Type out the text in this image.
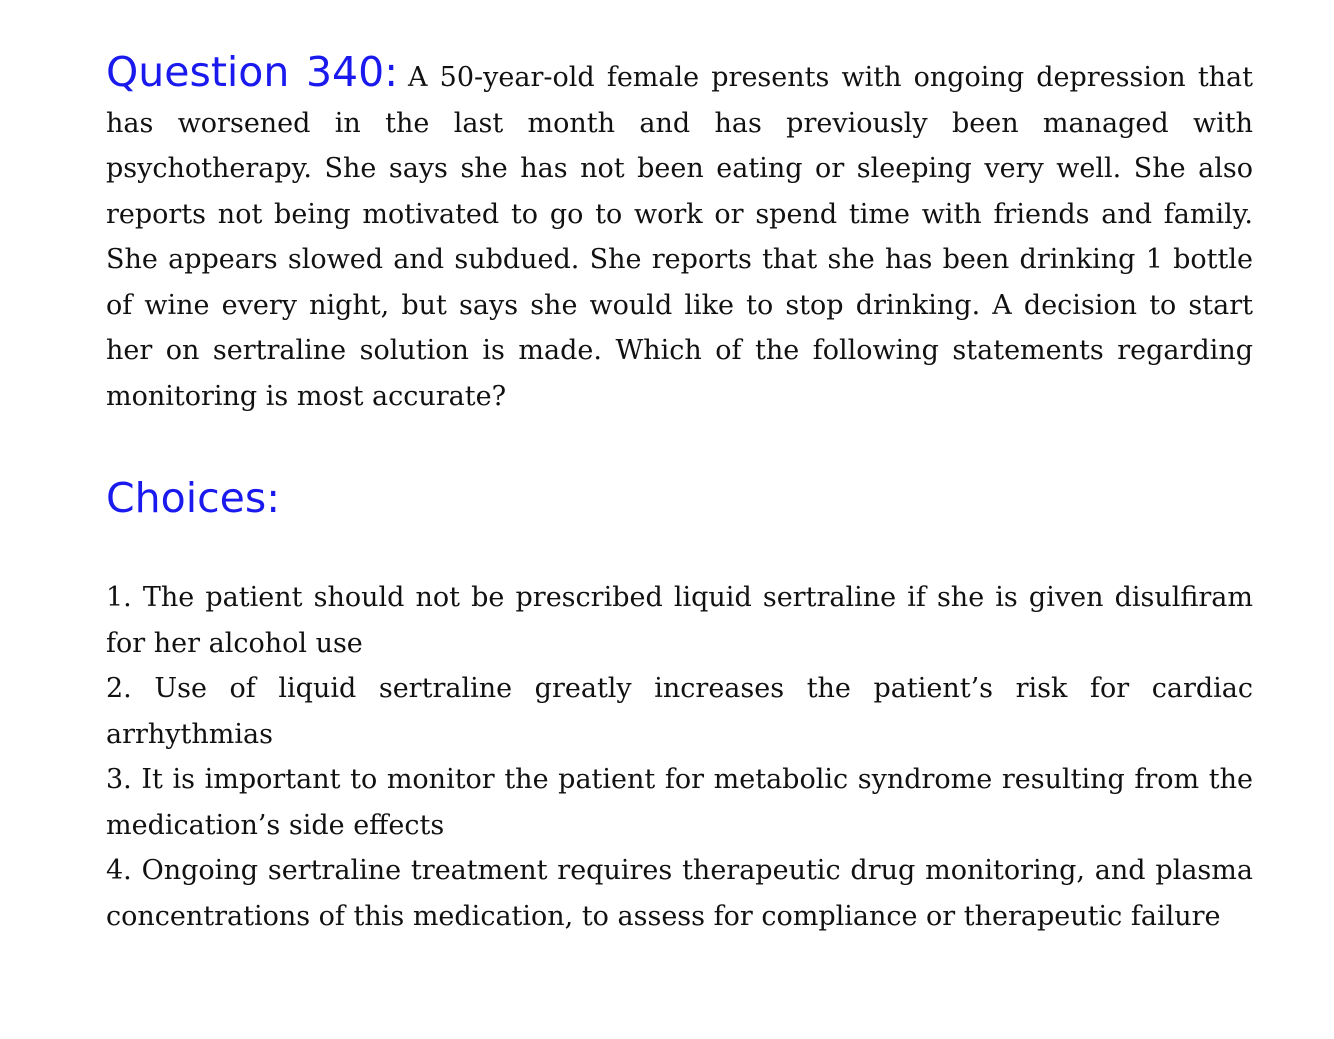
Question 340: A 50-year-old female presents with ongoing depression that has worsened in the last month and has previously been managed with psychotherapy. She says she has not been eating or sleeping very well. She also reports not being motivated to go to work or spend time with friends and family. She appears slowed and subdued. She reports that she has been drinking 1 bottle of wine every night, but says she would like to stop drinking. A decision to start her on sertraline solution is made. Which of the following statements regarding monitoring is most accurate?

Choices:
1. The patient should not be prescribed liquid sertraline if she is given disulfiram for her alcohol use
2. Use of liquid sertraline greatly increases the patient’s risk for cardiac arrhythmias
3. It is important to monitor the patient for metabolic syndrome resulting from the medication’s side effects
4. Ongoing sertraline treatment requires therapeutic drug monitoring, and plasma concentrations of this medication, to assess for compliance or therapeutic failure
